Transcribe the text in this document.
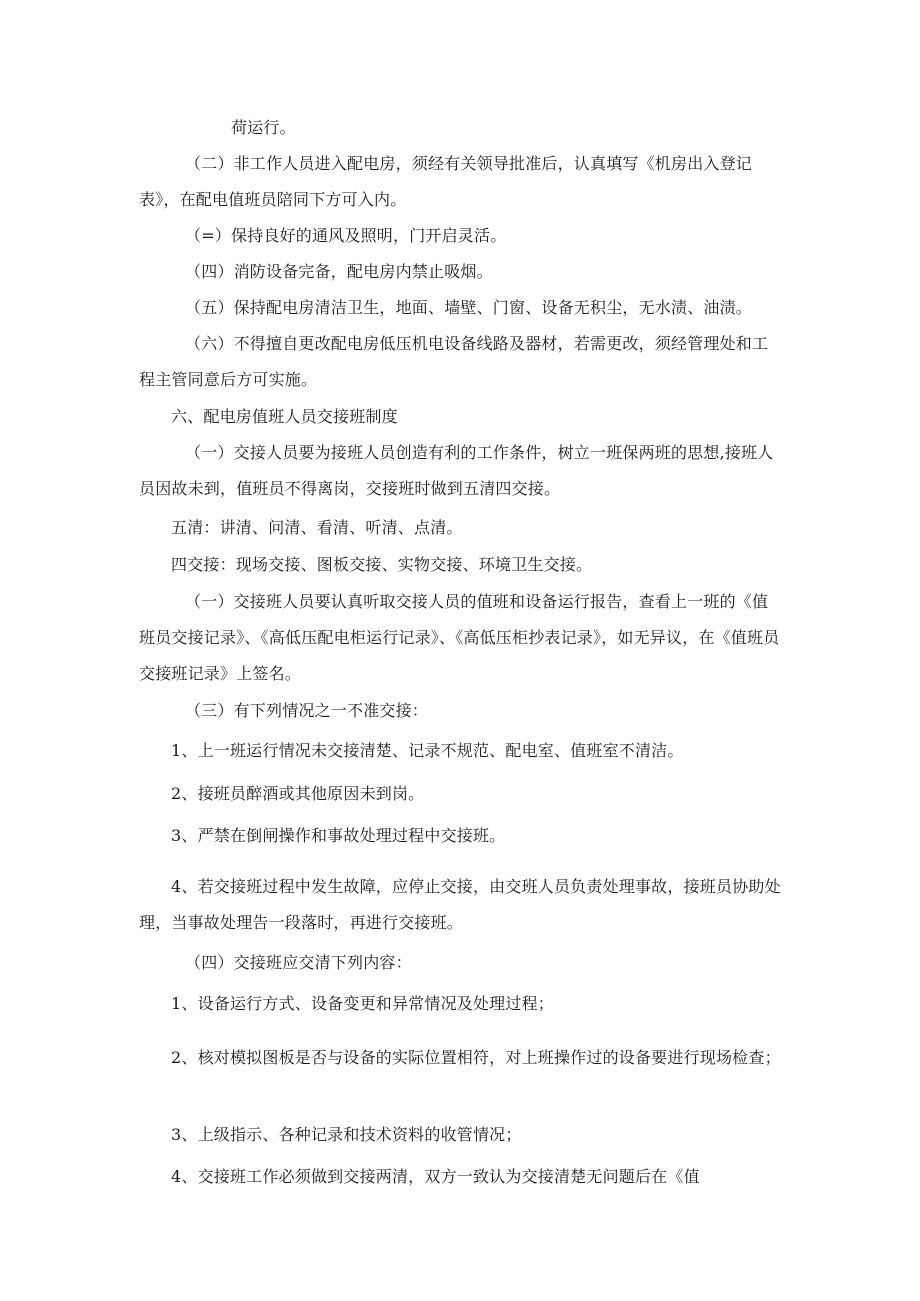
荷运行。
（二）非工作人员进入配电房，须经有关领导批准后，认真填写《机房出入登记表》，在配电值班员陪同下方可入内。
（=）保持良好的通风及照明，门开启灵活。
（四）消防设备完备，配电房内禁止吸烟。
（五）保持配电房清洁卫生，地面、墙壁、门窗、设备无积尘，无水渍、油渍。
（六）不得擅自更改配电房低压机电设备线路及器材，若需更改，须经管理处和工程主管同意后方可实施。
六、配电房值班人员交接班制度
（一）交接人员要为接班人员创造有利的工作条件，树立一班保两班的思想,接班人员因故未到，值班员不得离岗，交接班时做到五清四交接。
五清：讲清、问清、看清、听清、点清。
四交接：现场交接、图板交接、实物交接、环境卫生交接。
（一）交接班人员要认真听取交接人员的值班和设备运行报告，查看上一班的《值班员交接记录》、《高低压配电柜运行记录》、《高低压柜抄表记录》，如无异议，在《值班员交接班记录》上签名。
（三）有下列情况之一不准交接：
1、上一班运行情况未交接清楚、记录不规范、配电室、值班室不清洁。
2、接班员醉酒或其他原因未到岗。
3、严禁在倒闸操作和事故处理过程中交接班。
4、若交接班过程中发生故障，应停止交接，由交班人员负责处理事故，接班员协助处理，当事故处理告一段落时，再进行交接班。
（四）交接班应交清下列内容：
1、设备运行方式、设备变更和异常情况及处理过程；
2、核对模拟图板是否与设备的实际位置相符，对上班操作过的设备要进行现场检查；
3、上级指示、各种记录和技术资料的收管情况；
4、交接班工作必须做到交接两清，双方一致认为交接清楚无问题后在《值
